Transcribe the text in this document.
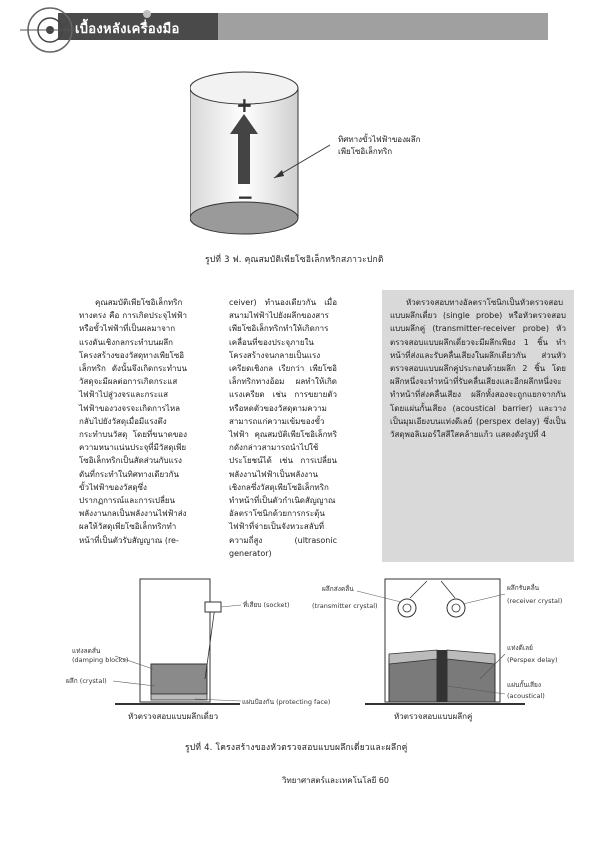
เบื้องหลังเครื่องมือ
+
−
ทิศทางขั้วไฟฟ้าของผลึก
เพียโซอิเล็กทริก
รูปที่ 3 ฟ. คุณสมบัติเพียโซอิเล็กทริกสภาวะปกติ

คุณสมบัติเพียโซอิเล็กทริก ทางตรง คือ การเกิดประจุไฟฟ้าหรือขั้วไฟฟ้าที่เป็นผลมาจากแรงดันเชิงกลกระทำบนผลึกโครงสร้างของวัสดุทางเพียโซอิเล็กทริก ดังนั้นจึงเกิดกระทำบนวัสดุจะมีผลต่อการเกิดกระแสไฟฟ้าไปสู่วงจรและกระแสไฟฟ้าของวงจรจะเกิดการไหลกลับไปยังวัสดุเมื่อมีแรงตึงกระทำบนวัสดุ โดยที่ขนาดของความหนาแน่นประจุที่มีวัสดุเพียโซอิเล็กทริกเป็นสัดส่วนกับแรงดันที่กระทำในทิศทางเดียวกันขั้วไฟฟ้าของวัสดุซึ่งปรากฏการณ์และการเปลี่ยนพลังงานกลเป็นพลังงานไฟฟ้าส่งผลให้วัสดุเพียโซอิเล็กทริกทำหน้าที่เป็นตัวรับสัญญาณ (re-

ceiver) ทำนองเดียวกัน เมื่อสนามไฟฟ้าไปยังผลึกของสารเพียโซอิเล็กทริกทำให้เกิดการเคลื่อนที่ของประจุภายในโครงสร้างจนกลายเป็นแรงเครียดเชิงกล เรียกว่า เพียโซอิเล็กทริกทางอ้อม ผลทำให้เกิดแรงเครียด เช่น การขยายตัวหรือหดตัวของวัสดุตามความสามารถแก่ความเข้มของขั้วไฟฟ้า คุณสมบัติเพียโซอิเล็กทริกดังกล่าวสามารถนำไปใช้ประโยชน์ได้ เช่น การเปลี่ยนพลังงานไฟฟ้าเป็นพลังงานเชิงกลซึ่งวัสดุเพียโซอิเล็กทริกทำหน้าที่เป็นตัวกำเนิดสัญญาณอัลตราโซนิกด้วยการกระตุ้นไฟฟ้าที่จ่ายเป็นจังหวะสลับที่ความถี่สูง (ultrasonic generator)

หัวตรวจสอบทางอัลตราโซนิกเป็นหัวตรวจสอบแบบผลึกเดี่ยว (single probe) หรือหัวตรวจสอบแบบผลึกคู่ (transmitter-receiver probe) หัวตรวจสอบแบบผลึกเดี่ยวจะมีผลึกเพียง 1 ชิ้น ทำหน้าที่ส่งและรับคลื่นเสียงในผลึกเดียวกัน ส่วนหัวตรวจสอบแบบผลึกคู่ประกอบด้วยผลึก 2 ชิ้น โดยผลึกหนึ่งจะทำหน้าที่รับคลื่นเสียงและอีกผลึกหนึ่งจะทำหน้าที่ส่งคลื่นเสียง ผลึกทั้งสองจะถูกแยกจากกันโดยแผ่นกั้นเสียง (acoustical barrier) และวางเป็นมุมเอียงบนแท่งดีเลย์ (perspex delay) ซึ่งเป็นวัสดุพอลิเมอร์ใสสีใสคล้ายแก้ว แสดงดังรูปที่ 4

ที่เสียบ (socket)
แท่งลดสั่น
(damping blocks)
ผลึก (crystal)
แผ่นป้องกัน (protecting face)
หัวตรวจสอบแบบผลึกเดี่ยว
ผลึกส่งคลื่น
(transmitter crystal)
ผลึกรับคลื่น
(receiver crystal)
แท่งดีเลย์
(Perspex delay)
แผ่นกั้นเสียง
(acoustical)
หัวตรวจสอบแบบผลึกคู่
รูปที่ 4. โครงสร้างของหัวตรวจสอบแบบผลึกเดี่ยวและผลึกคู่
วิทยาศาสตร์และเทคโนโลยี 60
